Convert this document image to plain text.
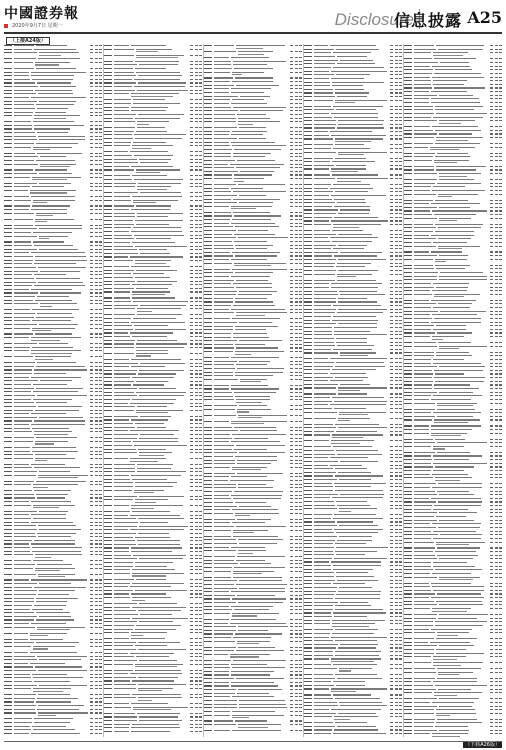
中國證券報
2020年9月7日 星期一	Disclosure
信息披露 A25
（上接A24版）
（下转A26版）
